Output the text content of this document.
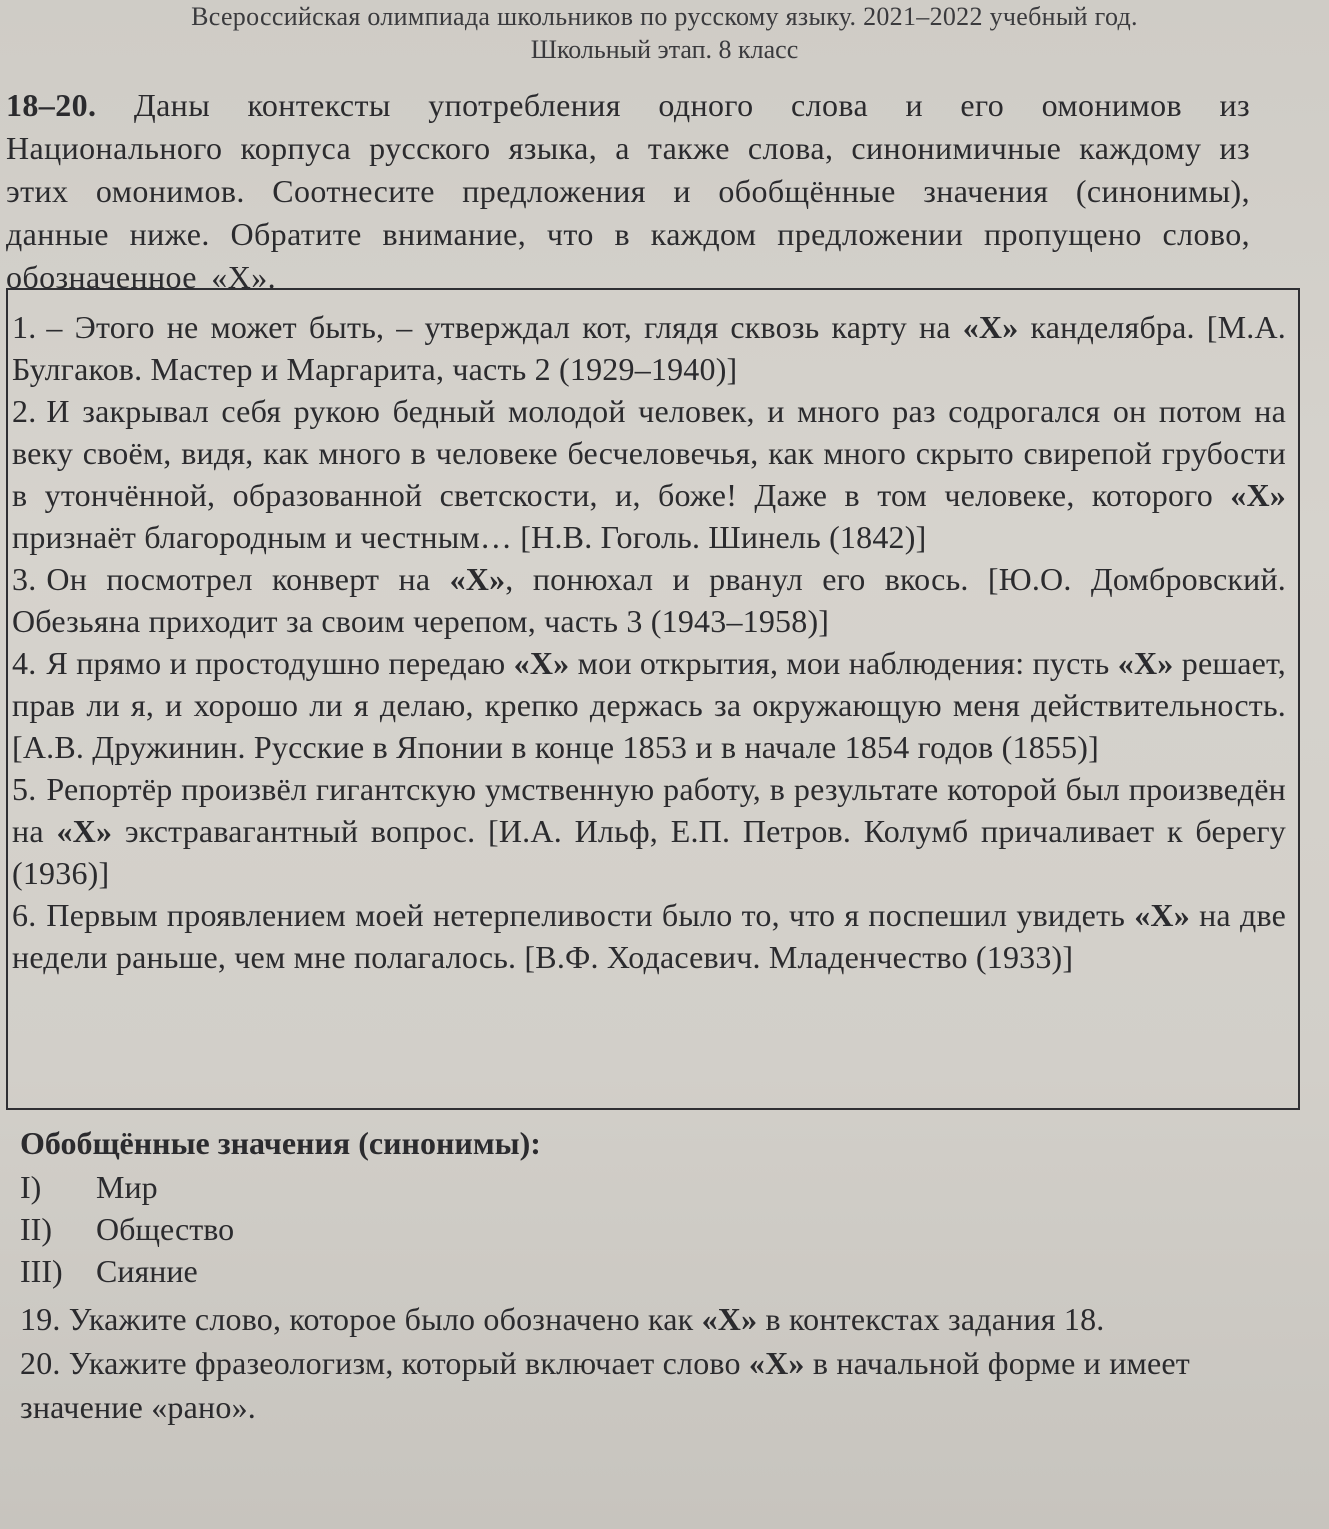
Всероссийская олимпиада школьников по русскому языку. 2021–2022 учебный год.
Школьный этап. 8 класс
18–20. Даны контексты употребления одного слова и его омонимов из Национального корпуса русского языка, а также слова, синонимичные каждому из этих омонимов. Соотнесите предложения и обобщённые значения (синонимы), данные ниже. Обратите внимание, что в каждом предложении пропущено слово, обозначенное «X».
1. – Этого не может быть, – утверждал кот, глядя сквозь карту на «X» канделябра. [М.А. Булгаков. Мастер и Маргарита, часть 2 (1929–1940)]
2. И закрывал себя рукою бедный молодой человек, и много раз содрогался он потом на веку своём, видя, как много в человеке бесчеловечья, как много скрыто свирепой грубости в утончённой, образованной светскости, и, боже! Даже в том человеке, которого «X» признаёт благородным и честным… [Н.В. Гоголь. Шинель (1842)]
3. Он посмотрел конверт на «X», понюхал и рванул его вкось. [Ю.О. Домбровский. Обезьяна приходит за своим черепом, часть 3 (1943–1958)]
4. Я прямо и простодушно передаю «X» мои открытия, мои наблюдения: пусть «X» решает, прав ли я, и хорошо ли я делаю, крепко держась за окружающую меня действительность. [А.В. Дружинин. Русские в Японии в конце 1853 и в начале 1854 годов (1855)]
5. Репортёр произвёл гигантскую умственную работу, в результате которой был произведён на «X» экстравагантный вопрос. [И.А. Ильф, Е.П. Петров. Колумб причаливает к берегу (1936)]
6. Первым проявлением моей нетерпеливости было то, что я поспешил увидеть «X» на две недели раньше, чем мне полагалось. [В.Ф. Ходасевич. Младенчество (1933)]
Обобщённые значения (синонимы):
I)	Мир
II)	Общество
III)	Сияние
19. Укажите слово, которое было обозначено как «X» в контекстах задания 18.
20. Укажите фразеологизм, который включает слово «X» в начальной форме и имеет значение «рано».
